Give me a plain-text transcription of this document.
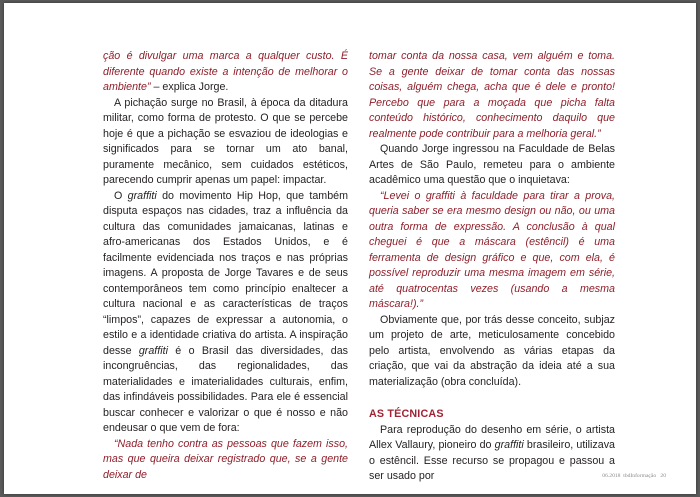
ção é divulgar uma marca a qualquer custo. É diferente quando existe a intenção de melhorar o ambiente” – explica Jorge.

A pichação surge no Brasil, à época da ditadura militar, como forma de protesto. O que se percebe hoje é que a pichação se esvaziou de ideologias e significados para se tornar um ato banal, puramente mecânico, sem cuidados estéticos, parecendo cumprir apenas um papel: impactar.

O graffiti do movimento Hip Hop, que também disputa espaços nas cidades, traz a influência da cultura das comunidades jamaicanas, latinas e afro-americanas dos Estados Unidos, e é facilmente evidenciada nos traços e nas próprias imagens. A proposta de Jorge Tavares e de seus contemporâneos tem como princípio enaltecer a cultura nacional e as características de traços “limpos”, capazes de expressar a autonomia, o estilo e a identidade criativa do artista. A inspiração desse graffiti é o Brasil das diversidades, das incongruências, das regionalidades, das materialidades e imaterialidades culturais, enfim, das infindáveis possibilidades. Para ele é essencial buscar conhecer e valorizar o que é nosso e não endeusar o que vem de fora:

“Nada tenho contra as pessoas que fazem isso, mas que queira deixar registrado que, se a gente deixar de

tomar conta da nossa casa, vem alguém e toma. Se a gente deixar de tomar conta das nossas coisas, alguém chega, acha que é dele e pronto! Percebo que para a moçada que picha falta conteúdo histórico, conhecimento daquilo que realmente pode contribuir para a melhoria geral.”

Quando Jorge ingressou na Faculdade de Belas Artes de São Paulo, remeteu para o ambiente acadêmico uma questão que o inquietava:

“Levei o graffiti à faculdade para tirar a prova, queria saber se era mesmo design ou não, ou uma outra forma de expressão. A conclusão à qual cheguei é que a máscara (estêncil) é uma ferramenta de design gráfico e que, com ela, é possível reproduzir uma mesma imagem em série, até quatrocentas vezes (usando a mesma máscara!).”

Obviamente que, por trás desse conceito, subjaz um projeto de arte, meticulosamente concebido pelo artista, envolvendo as várias etapas da criação, que vai da abstração da ideia até a sua materialização (obra concluída).

AS TÉCNICAS

Para reprodução do desenho em série, o artista Allex Vallaury, pioneiro do graffiti brasileiro, utilizava o estêncil. Esse recurso se propagou e passou a ser usado por	06.2018 tbdInformação 20
